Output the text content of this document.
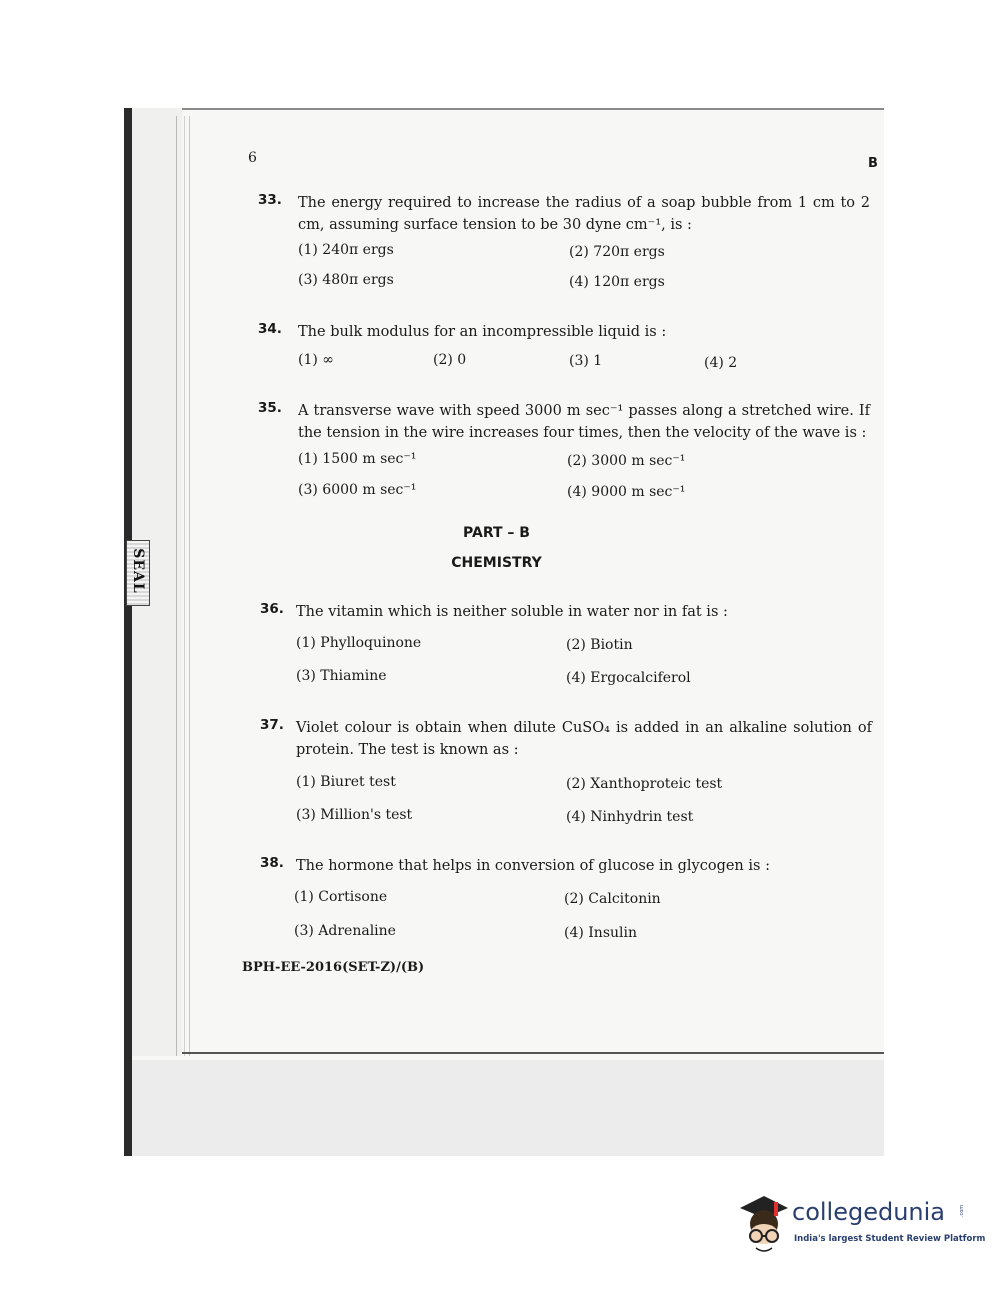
SEAL
6	B
33. The energy required to increase the radius of a soap bubble from 1 cm to 2 cm, assuming surface tension to be 30 dyne cm⁻¹, is :
(1) 240π ergs	(2) 720π ergs
(3) 480π ergs	(4) 120π ergs
34. The bulk modulus for an incompressible liquid is :
(1) ∞	(2) 0	(3) 1	(4) 2
35. A transverse wave with speed 3000 m sec⁻¹ passes along a stretched wire. If the tension in the wire increases four times, then the velocity of the wave is :
(1) 1500 m sec⁻¹	(2) 3000 m sec⁻¹
(3) 6000 m sec⁻¹	(4) 9000 m sec⁻¹
PART – B
CHEMISTRY
36. The vitamin which is neither soluble in water nor in fat is :
(1) Phylloquinone	(2) Biotin
(3) Thiamine	(4) Ergocalciferol
37. Violet colour is obtain when dilute CuSO₄ is added in an alkaline solution of protein. The test is known as :
(1) Biuret test	(2) Xanthoproteic test
(3) Million's test	(4) Ninhydrin test
38. The hormone that helps in conversion of glucose in glycogen is :
(1) Cortisone	(2) Calcitonin
(3) Adrenaline	(4) Insulin
BPH-EE-2016(SET-Z)/(B)
collegedunia	.com
India's largest Student Review Platform
